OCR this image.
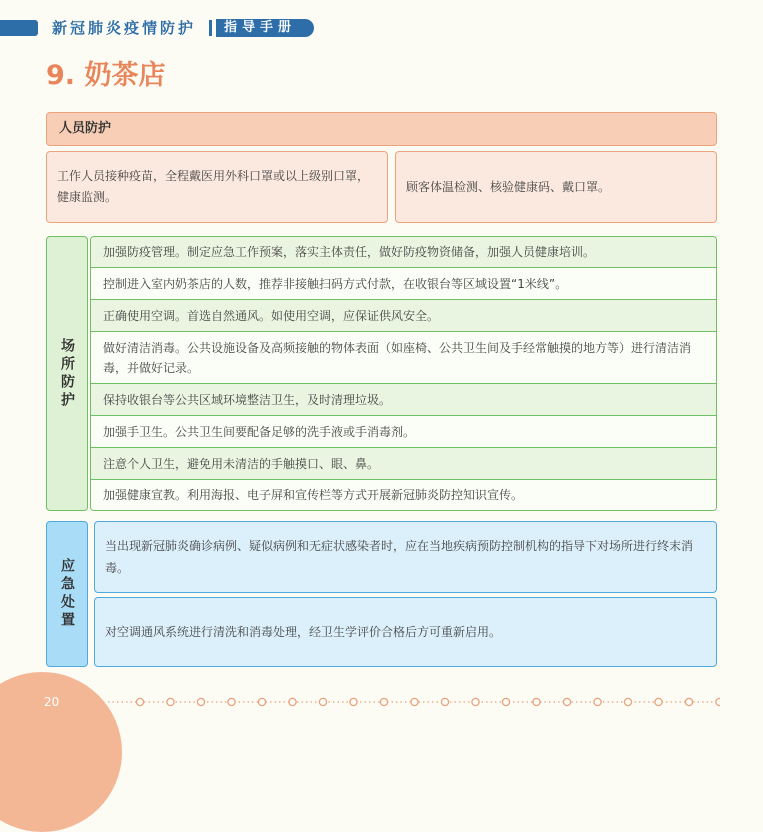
新冠肺炎疫情防护	指导手册
9. 奶茶店
人员防护
工作人员接种疫苗，全程戴医用外科口罩或以上级别口罩，健康监测。
顾客体温检测、核验健康码、戴口罩。
场所防护
加强防疫管理。制定应急工作预案，落实主体责任，做好防疫物资储备，加强人员健康培训。
控制进入室内奶茶店的人数，推荐非接触扫码方式付款，在收银台等区域设置“1米线”。
正确使用空调。首选自然通风。如使用空调，应保证供风安全。
做好清洁消毒。公共设施设备及高频接触的物体表面（如座椅、公共卫生间及手经常触摸的地方等）进行清洁消毒，并做好记录。
保持收银台等公共区域环境整洁卫生，及时清理垃圾。
加强手卫生。公共卫生间要配备足够的洗手液或手消毒剂。
注意个人卫生，避免用未清洁的手触摸口、眼、鼻。
加强健康宣教。利用海报、电子屏和宣传栏等方式开展新冠肺炎防控知识宣传。
应急处置
当出现新冠肺炎确诊病例、疑似病例和无症状感染者时，应在当地疾病预防控制机构的指导下对场所进行终末消毒。
对空调通风系统进行清洗和消毒处理，经卫生学评价合格后方可重新启用。
20
